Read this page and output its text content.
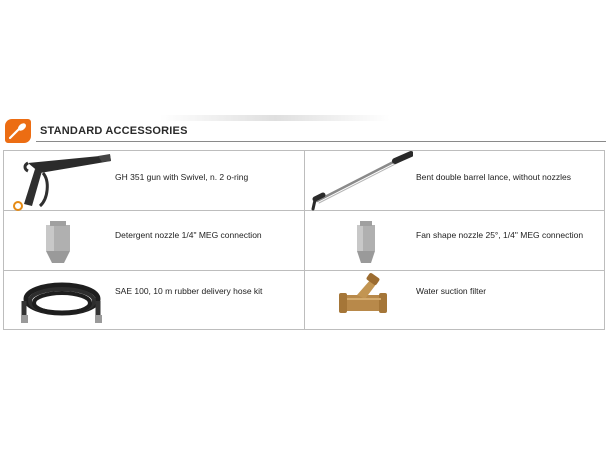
STANDARD ACCESSORIES
GH 351 gun with Swivel, n. 2 o-ring	Bent double barrel lance, without nozzles
Detergent nozzle 1/4" MEG connection	Fan shape nozzle 25°, 1/4" MEG connection
SAE 100, 10 m rubber delivery hose kit	Water suction filter
